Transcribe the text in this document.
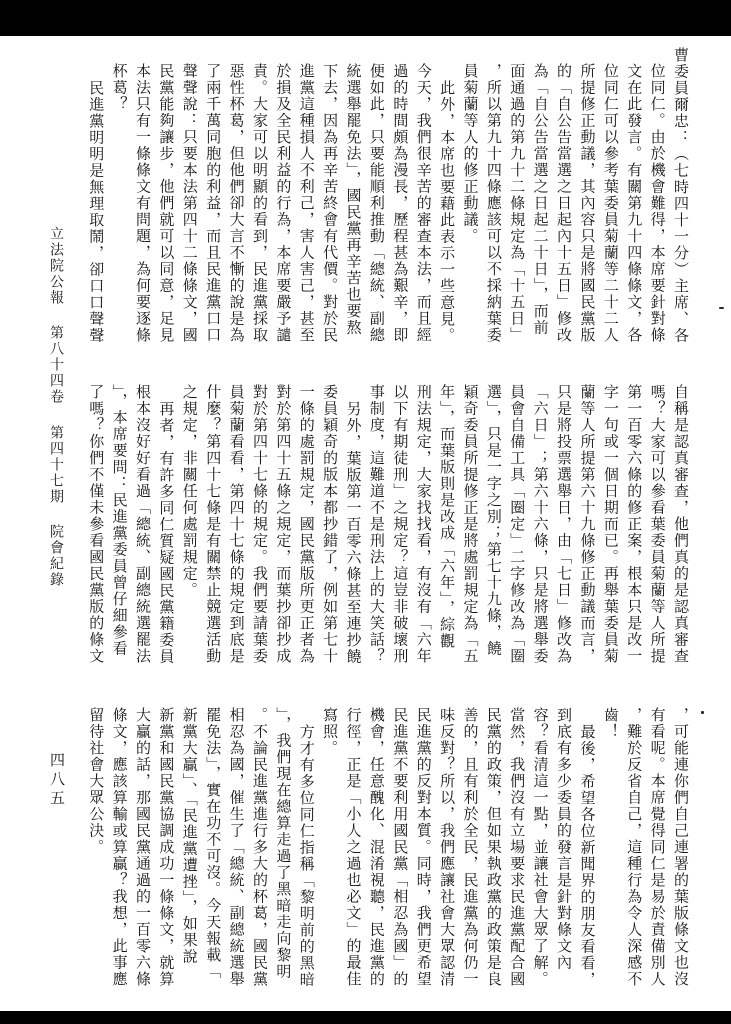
立法院公報 第八十四卷 第四十七期 院會紀錄
四八五
曹委員爾忠：（七時四十一分）主席、各
位同仁。由於機會難得，本席要針對條
文在此發言。有關第九十四條條文，各
位同仁可以參考葉委員菊蘭等二十二人
所提修正動議，其內容只是將國民黨版
的「自公告當選之日起內十五日」修改
為「自公告當選之日起二十日」，而前
面通過的第九十二條規定為「十五日」
，所以第九十四條應該可以不採納葉委
員菊蘭等人的修正動議。
此外，本席也要藉此表示一些意見。
今天，我們很辛苦的審查本法，而且經
過的時間頗為漫長，歷程甚為艱辛，即
便如此，只要能順利推動「總統、副總
統選舉罷免法」，國民黨再辛苦也要熬
下去，因為再辛苦終會有代價。對於民
進黨這種損人不利己，害人害己，甚至
於損及全民利益的行為，本席要嚴予譴
責。大家可以明顯的看到，民進黨採取
惡性杯葛，但他們卻大言不慚的說是為
了兩千萬同胞的利益，而且民進黨口口
聲聲說：只要本法第四十二條條文，國
民黨能夠讓步，他們就可以同意，足見
本法只有一條條文有問題，為何要逐條
杯葛？
民進黨明明是無理取鬧，卻口口聲聲
自稱是認真審查，他們真的是認真審查
嗎？大家可以參看葉委員菊蘭等人所提
第一百零六條的修正案，根本只是改一
字一句或一個日期而已。再舉葉委員菊
蘭等人所提第六十九條修正動議而言，
只是將投票選舉日，由「七日」修改為
「六日」；第六十六條，只是將選舉委
員會自備工具「圈定」二字修改為「圈
選」，只是一字之別；第七十九條，饒
穎奇委員所提修正是將處罰規定為「五
年」，而葉版則是改成「六年」，綜觀
刑法規定，大家找找看，有沒有「六年
以下有期徒刑」之規定？這豈非破壞刑
事制度，這難道不是刑法上的大笑話？
另外，葉版第一百零六條甚至連抄饒
委員穎奇的版本都抄錯了，例如第七十
一條的處罰規定，國民黨版所更正者為
對於第四十五條之規定，而葉抄卻抄成
對於第四十七條的規定。我們要請葉委
員菊蘭看看，第四十七條的規定到底是
什麼？第四十七條是有關禁止競選活動
之規定，非關任何處罰規定。
再者，有許多同仁質疑國民黨籍委員
根本沒好好看過「總統、副總統選罷法
」，本席要問：民進黨委員曾仔細參看
了嗎？你們不僅未參看國民黨版的條文
，可能連你們自己連署的葉版條文也沒
有看呢。本席覺得同仁是易於責備別人
，難於反省自己，這種行為令人深感不
齒！
最後，希望各位新聞界的朋友看看，
到底有多少委員的發言是針對條文內
容？看清這一點，並讓社會大眾了解。
當然，我們沒有立場要求民進黨配合國
民黨的政策，但如果執政黨的政策是良
善的，且有利於全民，民進黨為何仍一
味反對？所以，我們應讓社會大眾認清
民進黨的反對本質。同時，我們更希望
民進黨不要利用國民黨「相忍為國」的
機會，任意醜化、混淆視聽，民進黨的
行徑，正是「小人之過也必文」的最佳
寫照。
方才有多位同仁指稱「黎明前的黑暗
」，我們現在總算走過了黑暗走向黎明
。不論民進黨進行多大的杯葛，國民黨
相忍為國，催生了「總統、副總統選舉
罷免法」，實在功不可沒。今天報載「
新黨大贏」、「民進黨遭挫」，如果說
新黨和國民黨協調成功一條條文，就算
大贏的話，那國民黨通過的一百零六條
條文，應該算輸或算贏？我想，此事應
留待社會大眾公決。
